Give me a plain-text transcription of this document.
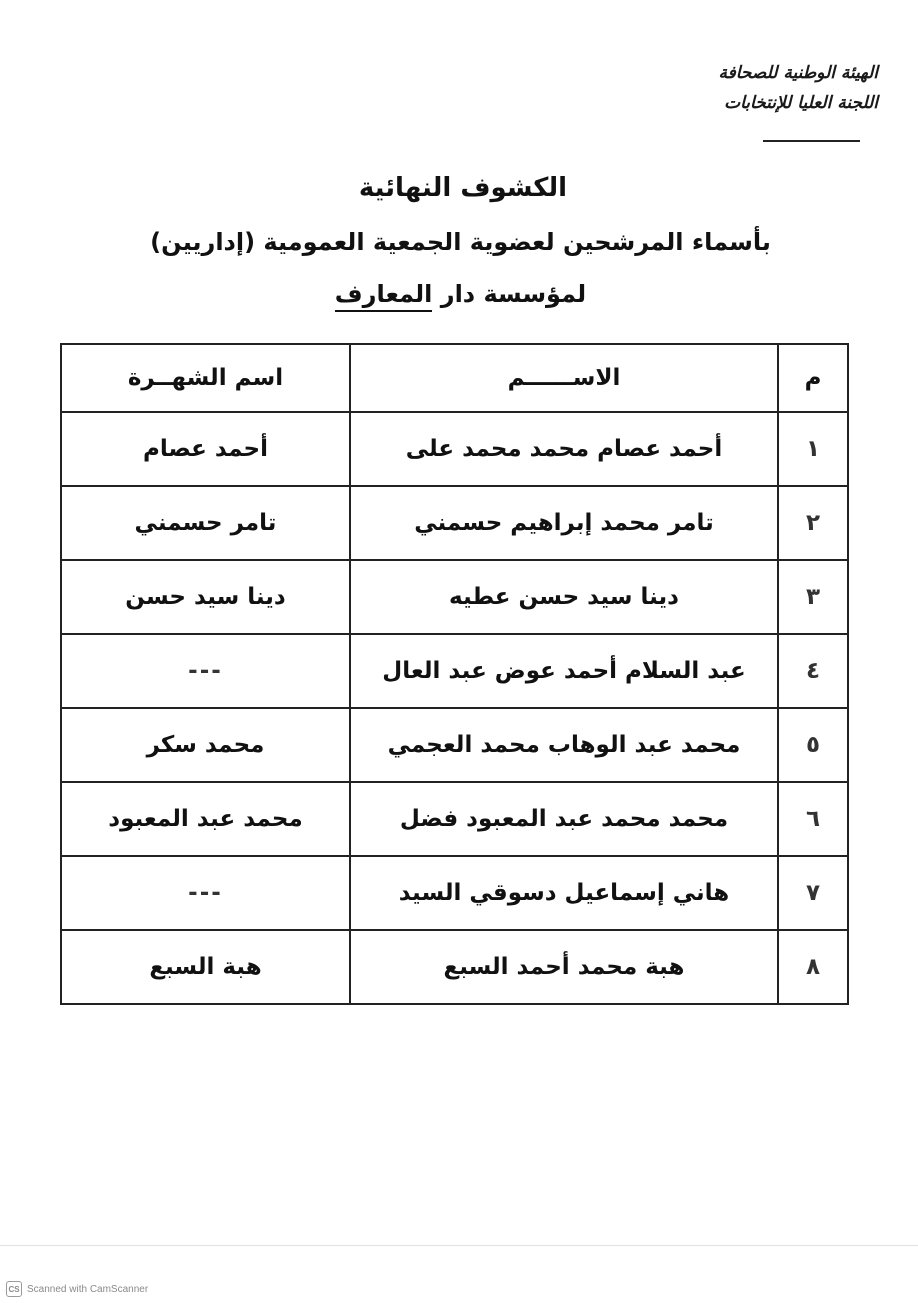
الهيئة الوطنية للصحافة
اللجنة العليا للإنتخابات
الكشوف النهائية
بأسماء المرشحين لعضوية الجمعية العمومية (إداريين)
لمؤسسة دار المعارف
م	الاســــــم	اسم الشهــرة
١	أحمد عصام محمد محمد على	أحمد عصام
٢	تامر محمد إبراهيم حسمني	تامر حسمني
٣	دينا سيد حسن عطيه	دينا سيد حسن
٤	عبد السلام أحمد عوض عبد العال	---
٥	محمد عبد الوهاب محمد العجمي	محمد سكر
٦	محمد محمد عبد المعبود فضل	محمد عبد المعبود
٧	هاني إسماعيل دسوقي السيد	---
٨	هبة محمد أحمد السبع	هبة السبع
CS Scanned with CamScanner
